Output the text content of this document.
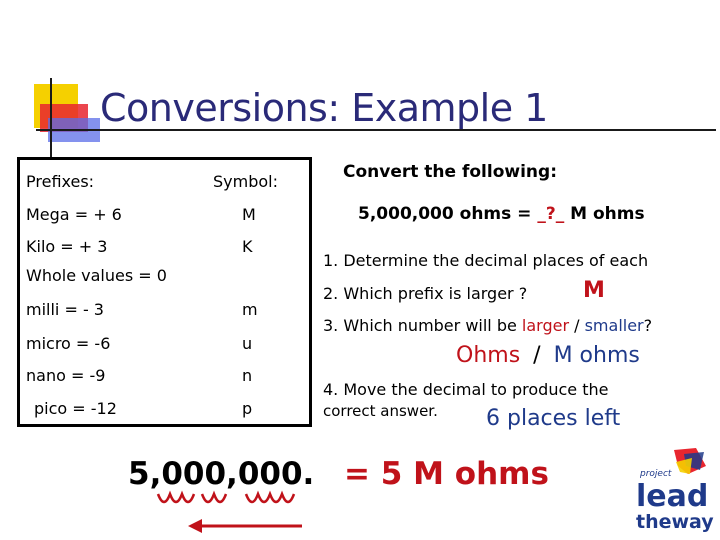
Conversions: Example 1
Prefixes:	Symbol:
Mega = + 6	M
Kilo = + 3	K
Whole values = 0
milli = - 3	m
micro = -6	u
nano = -9	n
pico = -12	p
Convert the following:
5,000,000 ohms = _?_ M ohms
1. Determine the decimal places of each
2. Which prefix is larger ?	M
3. Which number will be larger / smaller?
Ohms / M ohms
4. Move the decimal to produce the
correct answer. 6 places left
5,000,000. = 5 M ohms	project
lead
theway
